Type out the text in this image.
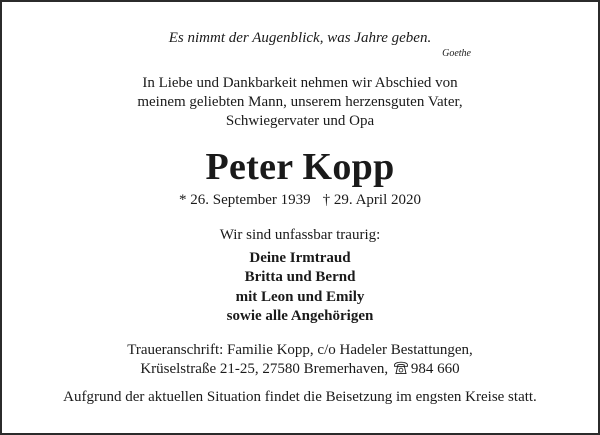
Es nimmt der Augenblick, was Jahre geben.
Goethe
In Liebe und Dankbarkeit nehmen wir Abschied von
meinem geliebten Mann, unserem herzensguten Vater,
Schwiegervater und Opa
Peter Kopp
* 26. September 1939 † 29. April 2020
Wir sind unfassbar traurig:
Deine Irmtraud
Britta und Bernd
mit Leon und Emily
sowie alle Angehörigen
Traueranschrift: Familie Kopp, c/o Hadeler Bestattungen,
Krüselstraße 21-25, 27580 Bremerhaven, 984 660
Aufgrund der aktuellen Situation findet die Beisetzung im engsten Kreise statt.
